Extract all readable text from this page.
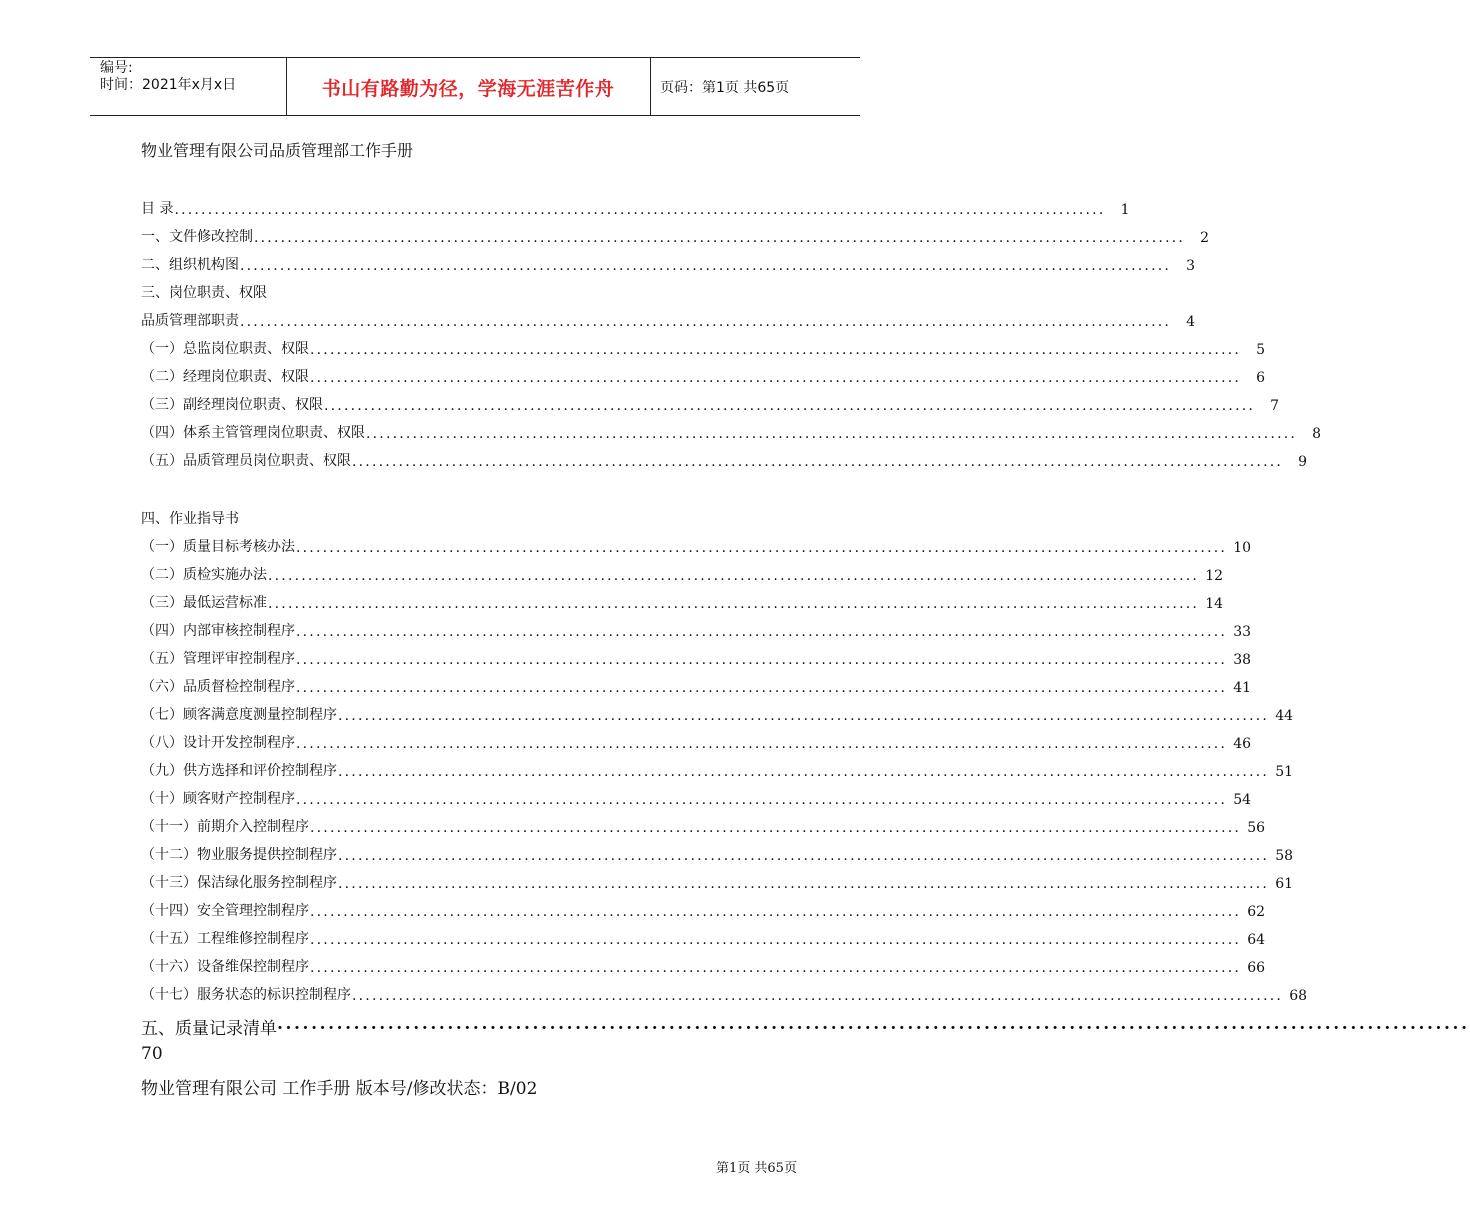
编号:
时间：2021年x月x日	书山有路勤为径，学海无涯苦作舟	页码：第1页 共65页
物业管理有限公司品质管理部工作手册
目 录 ............................................................................................................................................	1
一、文件修改控制 ............................................................................................................................................	2
二、组织机构图 ............................................................................................................................................	3
三、岗位职责、权限
品质管理部职责 ............................................................................................................................................	4
（一）总监岗位职责、权限 ............................................................................................................................................	5
（二）经理岗位职责、权限 ............................................................................................................................................	6
（三）副经理岗位职责、权限 ............................................................................................................................................	7
（四）体系主管管理岗位职责、权限 ............................................................................................................................................	8
（五）品质管理员岗位职责、权限 ............................................................................................................................................	9
四、作业指导书
（一）质量目标考核办法 ............................................................................................................................................ 10
（二）质检实施办法 ............................................................................................................................................ 12
（三）最低运营标准 ............................................................................................................................................ 14
（四）内部审核控制程序 ............................................................................................................................................ 33
（五）管理评审控制程序 ............................................................................................................................................ 38
（六）品质督检控制程序 ............................................................................................................................................ 41
（七）顾客满意度测量控制程序 ............................................................................................................................................ 44
（八）设计开发控制程序 ............................................................................................................................................ 46
（九）供方选择和评价控制程序 ............................................................................................................................................ 51
（十）顾客财产控制程序 ............................................................................................................................................ 54
（十一）前期介入控制程序 ............................................................................................................................................ 56
（十二）物业服务提供控制程序 ............................................................................................................................................ 58
（十三）保洁绿化服务控制程序 ............................................................................................................................................ 61
（十四）安全管理控制程序 ............................................................................................................................................ 62
（十五）工程维修控制程序 ............................................................................................................................................ 64
（十六）设备维保控制程序 ............................................................................................................................................ 66
（十七）服务状态的标识控制程序 ............................................................................................................................................ 68
五、质量记录清单 ............................................................................................................................................
70
物业管理有限公司 工作手册 版本号/修改状态：B/02
第1页 共65页
